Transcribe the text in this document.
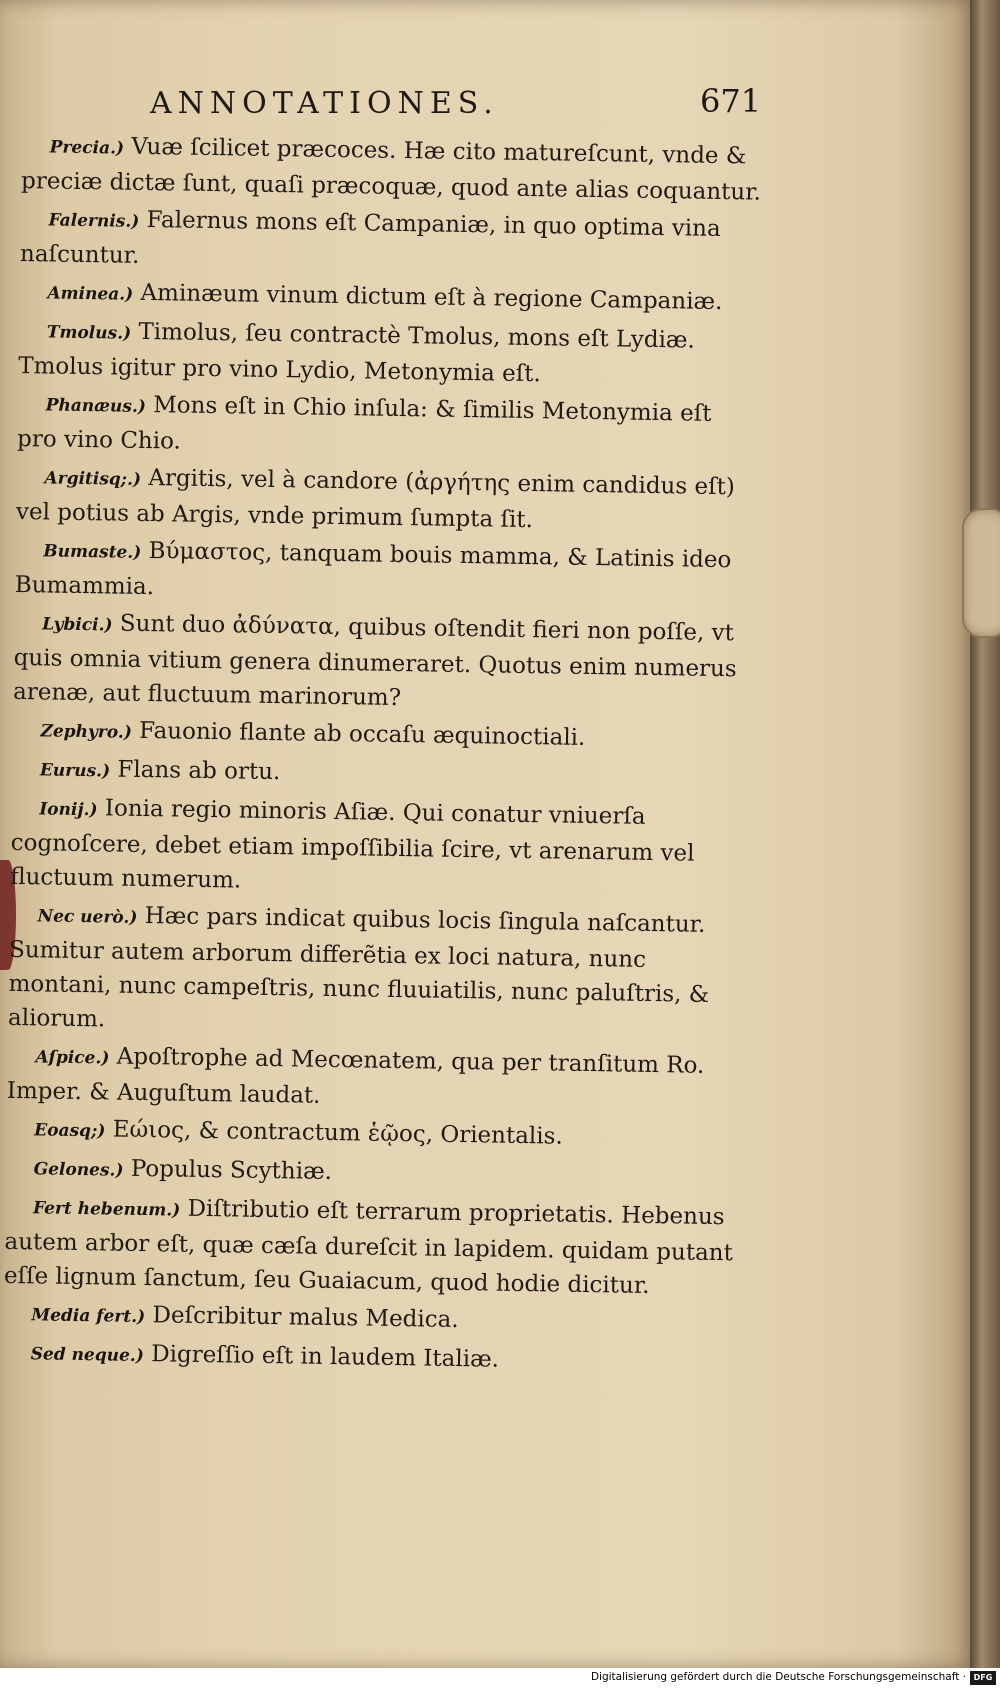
ANNOTATIONES.	671

Precia.) Vuæ ſcilicet præcoces. Hæ cito matureſcunt, vnde & preciæ dictæ ſunt, quaſi præcoquæ, quod ante alias coquantur.

Falernis.) Falernus mons eſt Campaniæ, in quo optima vina naſcuntur.

Aminea.) Aminæum vinum dictum eſt à regione Campaniæ.

Tmolus.) Timolus, ſeu contractè Tmolus, mons eſt Lydiæ. Tmolus igitur pro vino Lydio, Metonymia eſt.

Phanæus.) Mons eſt in Chio inſula: & ſimilis Metonymia eſt pro vino Chio.

Argitisq;.) Argitis, vel à candore (ἀργήτης enim candidus eſt) vel potius ab Argis, vnde primum ſumpta ſit.

Bumaste.) Βύμαστος, tanquam bouis mamma, & Latinis ideo Bumammia.

Lybici.) Sunt duo ἀδύνατα, quibus oſtendit fieri non poſſe, vt quis omnia vitium genera dinumeraret. Quotus enim numerus arenæ, aut fluctuum marinorum?

Zephyro.) Fauonio flante ab occaſu æquinoctiali.

Eurus.) Flans ab ortu.

Ionij.) Ionia regio minoris Aſiæ. Qui conatur vniuerſa cognoſcere, debet etiam impoſſibilia ſcire, vt arenarum vel fluctuum numerum.

Nec uerò.) Hæc pars indicat quibus locis ſingula naſcantur. Sumitur autem arborum differẽtia ex loci natura, nunc montani, nunc campeſtris, nunc fluuiatilis, nunc paluſtris, & aliorum.

Aſpice.) Apoſtrophe ad Mecœnatem, qua per tranſitum Ro. Imper. & Auguſtum laudat.

Eoasq;) Εώιος, & contractum ἑῷος, Orientalis.

Gelones.) Populus Scythiæ.

Fert hebenum.) Diſtributio eſt terrarum proprietatis. Hebenus autem arbor eſt, quæ cæſa dureſcit in lapidem. quidam putant eſſe lignum ſanctum, ſeu Guaiacum, quod hodie dicitur.

Media fert.) Deſcribitur malus Medica.

Sed neque.) Digreſſio eſt in laudem Italiæ.

Digitalisierung gefördert durch die Deutsche Forschungsgemeinschaft · DFG
